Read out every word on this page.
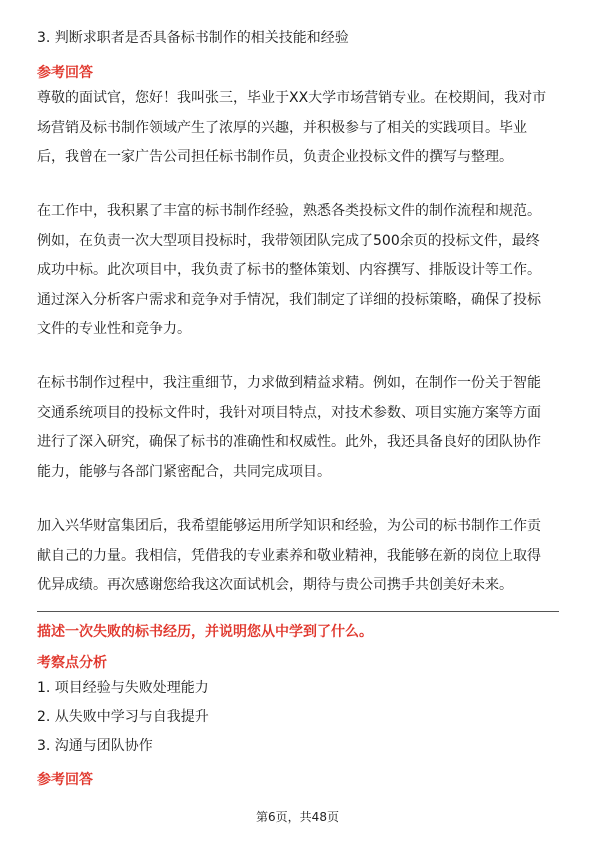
3. 判断求职者是否具备标书制作的相关技能和经验

参考回答

尊敬的面试官，您好！我叫张三，毕业于XX大学市场营销专业。在校期间，我对市

场营销及标书制作领域产生了浓厚的兴趣，并积极参与了相关的实践项目。毕业

后，我曾在一家广告公司担任标书制作员，负责企业投标文件的撰写与整理。

在工作中，我积累了丰富的标书制作经验，熟悉各类投标文件的制作流程和规范。

例如，在负责一次大型项目投标时，我带领团队完成了500余页的投标文件，最终

成功中标。此次项目中，我负责了标书的整体策划、内容撰写、排版设计等工作。

通过深入分析客户需求和竞争对手情况，我们制定了详细的投标策略，确保了投标

文件的专业性和竞争力。

在标书制作过程中，我注重细节，力求做到精益求精。例如，在制作一份关于智能

交通系统项目的投标文件时，我针对项目特点，对技术参数、项目实施方案等方面

进行了深入研究，确保了标书的准确性和权威性。此外，我还具备良好的团队协作

能力，能够与各部门紧密配合，共同完成项目。

加入兴华财富集团后，我希望能够运用所学知识和经验，为公司的标书制作工作贡

献自己的力量。我相信，凭借我的专业素养和敬业精神，我能够在新的岗位上取得

优异成绩。再次感谢您给我这次面试机会，期待与贵公司携手共创美好未来。

描述一次失败的标书经历，并说明您从中学到了什么。

考察点分析

1. 项目经验与失败处理能力

2. 从失败中学习与自我提升

3. 沟通与团队协作

参考回答

第6页，共48页
